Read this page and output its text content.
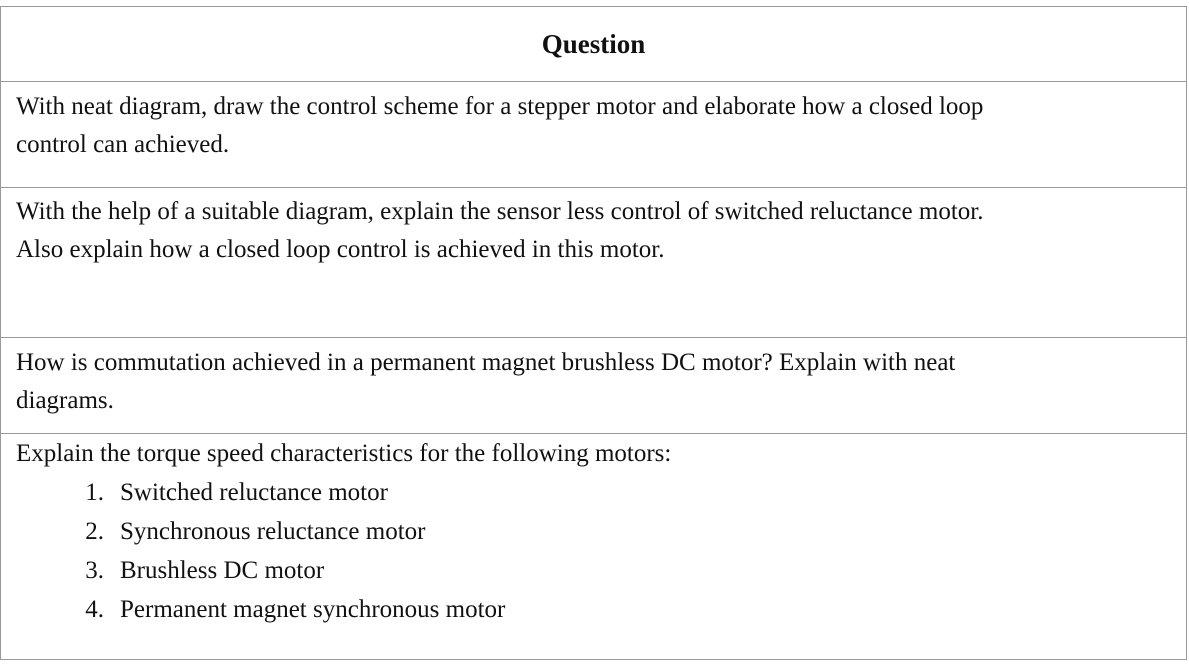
Question
With neat diagram, draw the control scheme for a stepper motor and elaborate how a closed loop
control can achieved.
With the help of a suitable diagram, explain the sensor less control of switched reluctance motor.
Also explain how a closed loop control is achieved in this motor.
How is commutation achieved in a permanent magnet brushless DC motor? Explain with neat
diagrams.
Explain the torque speed characteristics for the following motors:
1. Switched reluctance motor
2. Synchronous reluctance motor
3. Brushless DC motor
4. Permanent magnet synchronous motor
